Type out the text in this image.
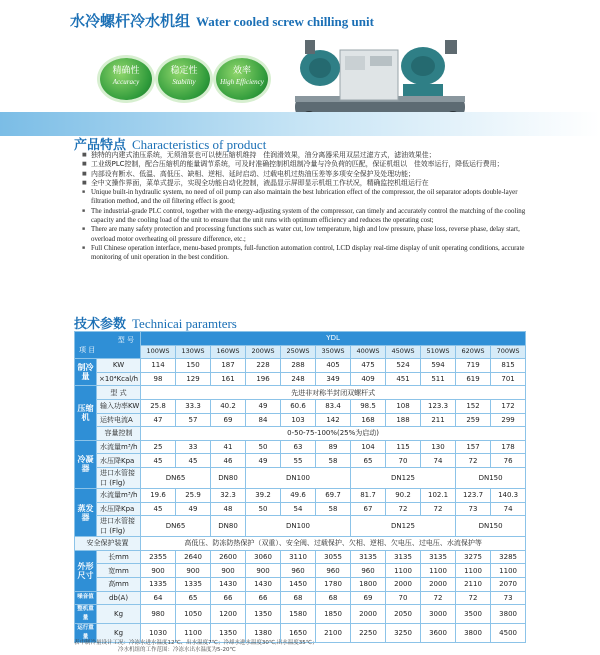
水冷螺杆冷水机组 Water cooled screw chilling unit
精确性
Accuracy
稳定性
Stability
效率
High Efficiency
产品特点 Characteristics of product
■ 独特的内建式油压系统，无须油泵也可以使压缩机维持　佳润滑效果，油分离器采用双层过滤方式，滤油效果佳；
■ 工业级PLC控制，配合压缩机的能量调节系统，可及时准确控制机组制冷量与冷负荷的匹配，保证机组以　佳效率运行，降低运行费用；
■ 内部设有断水、低温、高低压、缺相、逆相、延时启动、过载电机过热油压差等多项安全保护及处理功能；
■ 全中文操作界面，菜单式提示，实现全功能自动化控制，液晶显示屏即显示机组工作状况，精确监控机组运行在
■ Unique built-in hydraulic system, no need of oil pump can also maintain the best lubrication effect of the compressor, the oil separator adopts double-layer filtration method, and the oil filtering effect is good;
■ The industrial-grade PLC control, together with the energy-adjusting system of the compressor, can timely and accurately control the matching of the cooling capacity and the cooling load of the unit to ensure that the unit runs with optimum efficiency and reduces the operating cost;
■ There are many safety protection and processing functions such as water cut, low temperature, high and low pressure, phase loss, reverse phase, delay start, overload motor overheating oil pressure difference, etc.;
■ Full Chinese operation interface, menu-based prompts, full-function automation control, LCD display real-time display of unit operating conditions, accurate monitoring of unit operation in the best condition.
技术参数 Technicai paramters
型 号
项 目		YDL										
		100WS	130WS	160WS	200WS	250WS	350WS	400WS	450WS	510WS	620WS	700WS
制冷量	KW	114	150	187	228	288	405	475	524	594	719	815
	×10⁴Kcal/h	98	129	161	196	248	349	409	451	511	619	701
压缩机	型 式	先进非对称半封闭双螺杆式										
	输入功率KW	25.8	33.3	40.2	49	60.6	83.4	98.5	108	123.3	152	172
	运转电流A	47	57	69	84	103	142	168	188	211	259	299
	容量控制	0-50-75-100%(25%为启动)										
冷凝器	水流量m³/h	25	33	41	50	63	89	104	115	130	157	178
	水压降Kpa	45	45	46	49	55	58	65	70	74	72	76
	进口水管接口 (Flg)	DN65		DN80	DN100			DN125			DN150	

蒸发器	水流量m³/h	19.6	25.9	32.3	39.2	49.6	69.7	81.7	90.2	102.1	123.7	140.3
	水压降Kpa	45	49	48	50	54	58	67	72	72	73	74
	进口水管接口 (Flg)	DN65		DN80	DN100			DN125			DN150	

安全保护装置		高低压、防冻防热保护（双重）、安全阀、过载保护、欠相、逆相、欠电压、过电压、水流保护等										
外形尺寸	长mm	2355	2640	2600	3060	3110	3055	3135	3135	3135	3275	3285
	宽mm	900	900	900	900	960	960	960	1100	1100	1100	1100
	高mm	1335	1335	1430	1430	1450	1780	1800	2000	2000	2110	2070
噪音值	db(A)	64	65	66	66	68	68	69	70	72	72	73
整机重量	Kg	980	1050	1200	1350	1580	1850	2000	2050	3000	3500	3800
运行重量	Kg	1030	1100	1350	1380	1650	2100	2250	3250	3600	3800	4500
表中制冷量设计工况：冷冻水进水温度12℃、出水温度7℃；冷却水进水温度30℃,出水温度35℃；
冷水机组的工作范围：冷冻水出水温度为5-20℃
